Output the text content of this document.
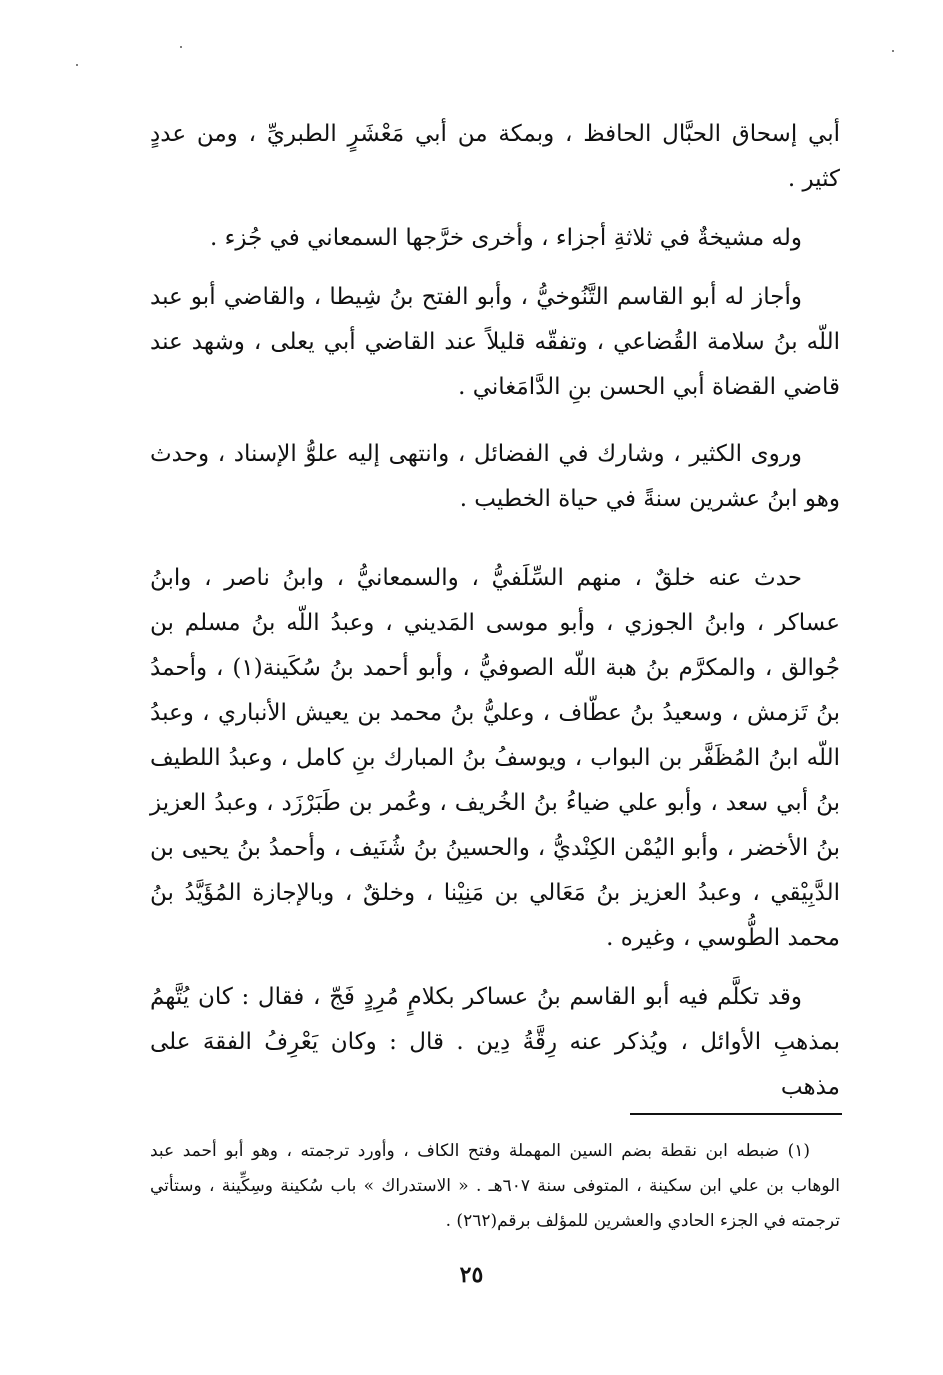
أبي إسحاق الحبَّال الحافظ ، وبمكة من أبي مَعْشَرٍ الطبريِّ ، ومن عددٍ كثير .

وله مشيخةٌ في ثلاثةِ أجزاء ، وأخرى خرَّجها السمعاني في جُزء .

وأجاز له أبو القاسم التَّنُوخيُّ ، وأبو الفتح بنُ شِيطا ، والقاضي أبو عبد اللّه بنُ سلامة القُضاعي ، وتفقّه قليلاً عند القاضي أبي يعلى ، وشهد عند قاضي القضاة أبي الحسن بنِ الدَّامَغاني .

وروى الكثير ، وشارك في الفضائل ، وانتهى إليه علوُّ الإسناد ، وحدث وهو ابنُ عشرين سنةً في حياة الخطيب .

حدث عنه خلقٌ ، منهم السِّلَفيُّ ، والسمعانيُّ ، وابنُ ناصر ، وابنُ عساكر ، وابنُ الجوزي ، وأبو موسى المَديني ، وعبدُ اللّه بنُ مسلم بن جُوالق ، والمكرَّم بنُ هبة اللّه الصوفيُّ ، وأبو أحمد بنُ سُكَينة(١) ، وأحمدُ بنُ تَزمش ، وسعيدُ بنُ عطّاف ، وعليُّ بنُ محمد بن يعيش الأنباري ، وعبدُ اللّه ابنُ المُظَفَّر بن البواب ، ويوسفُ بنُ المبارك بنِ كامل ، وعبدُ اللطيف بنُ أبي سعد ، وأبو علي ضياءُ بنُ الخُريف ، وعُمر بن طَبَرْزَد ، وعبدُ العزيز بنُ الأخضر ، وأبو اليُمْن الكِنْديُّ ، والحسينُ بنُ شُنَيف ، وأحمدُ بنُ يحيى بن الدَّبِيْقي ، وعبدُ العزيز بنُ مَعَالي بن مَنِيْنا ، وخلقٌ ، وبالإجازة المُؤَيَّدُ بنُ محمد الطُّوسي ، وغيره .

وقد تكلَّم فيه أبو القاسم بنُ عساكر بكلامٍ مُرِدٍ فَجّ ، فقال : كان يُتَّهمُ بمذهبِ الأوائل ، ويُذكر عنه رِقَّةُ دِين . قال : وكان يَعْرِفُ الفقهَ على مذهب

(١) ضبطه ابن نقطة بضم السين المهملة وفتح الكاف ، وأورد ترجمته ، وهو أبو أحمد عبد الوهاب بن علي ابن سكينة ، المتوفى سنة ٦٠٧هـ . « الاستدراك » باب سُكينة وسِكِّينة ، وستأتي ترجمته في الجزء الحادي والعشرين للمؤلف برقم(٢٦٢) .

٢٥
